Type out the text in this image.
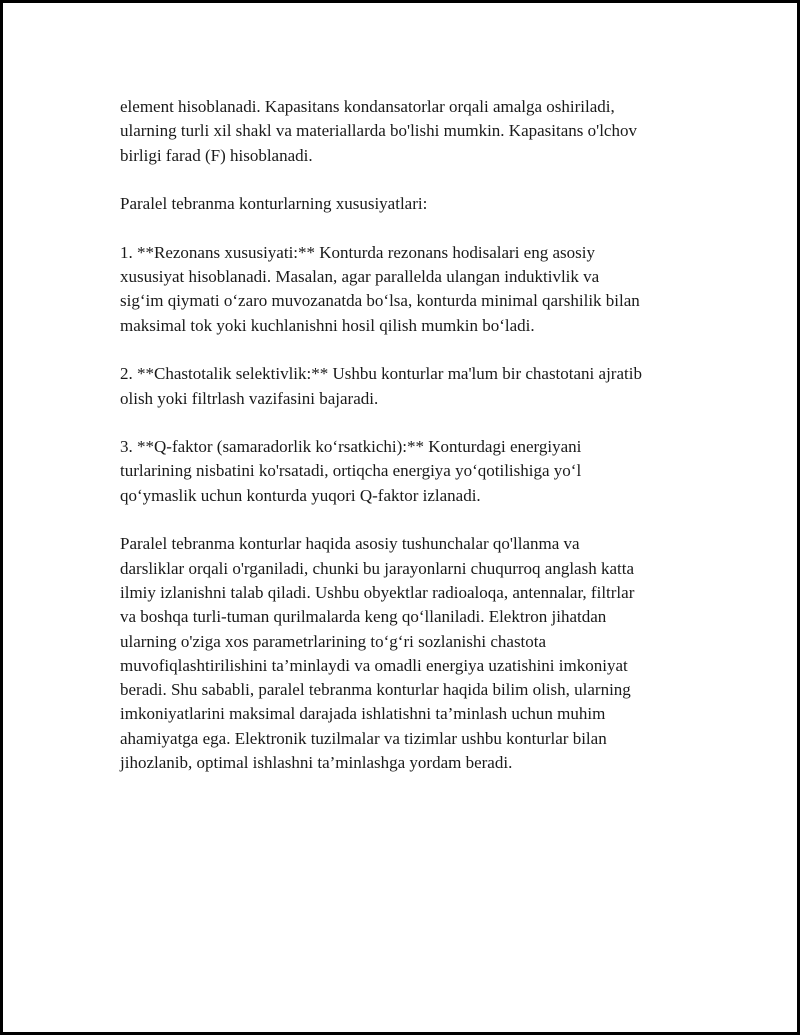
element hisoblanadi. Kapasitans kondansatorlar orqali amalga oshiriladi,
ularning turli xil shakl va materiallarda bo'lishi mumkin. Kapasitans o'lchov
birligi farad (F) hisoblanadi.

Paralel tebranma konturlarning xususiyatlari:

1. **Rezonans xususiyati:** Konturda rezonans hodisalari eng asosiy
xususiyat hisoblanadi. Masalan, agar parallelda ulangan induktivlik va
sig‘im qiymati o‘zaro muvozanatda bo‘lsa, konturda minimal qarshilik bilan
maksimal tok yoki kuchlanishni hosil qilish mumkin bo‘ladi.

2. **Chastotalik selektivlik:** Ushbu konturlar ma'lum bir chastotani ajratib
olish yoki filtrlash vazifasini bajaradi.

3. **Q-faktor (samaradorlik ko‘rsatkichi):** Konturdagi energiyani
turlarining nisbatini ko'rsatadi, ortiqcha energiya yo‘qotilishiga yo‘l
qo‘ymaslik uchun konturda yuqori Q-faktor izlanadi.

Paralel tebranma konturlar haqida asosiy tushunchalar qo'llanma va
darsliklar orqali o'rganiladi, chunki bu jarayonlarni chuqurroq anglash katta
ilmiy izlanishni talab qiladi. Ushbu obyektlar radioaloqa, antennalar, filtrlar
va boshqa turli-tuman qurilmalarda keng qo‘llaniladi. Elektron jihatdan
ularning o'ziga xos parametrlarining to‘g‘ri sozlanishi chastota
muvofiqlashtirilishini ta’minlaydi va omadli energiya uzatishini imkoniyat
beradi. Shu sababli, paralel tebranma konturlar haqida bilim olish, ularning
imkoniyatlarini maksimal darajada ishlatishni ta’minlash uchun muhim
ahamiyatga ega. Elektronik tuzilmalar va tizimlar ushbu konturlar bilan
jihozlanib, optimal ishlashni ta’minlashga yordam beradi.
